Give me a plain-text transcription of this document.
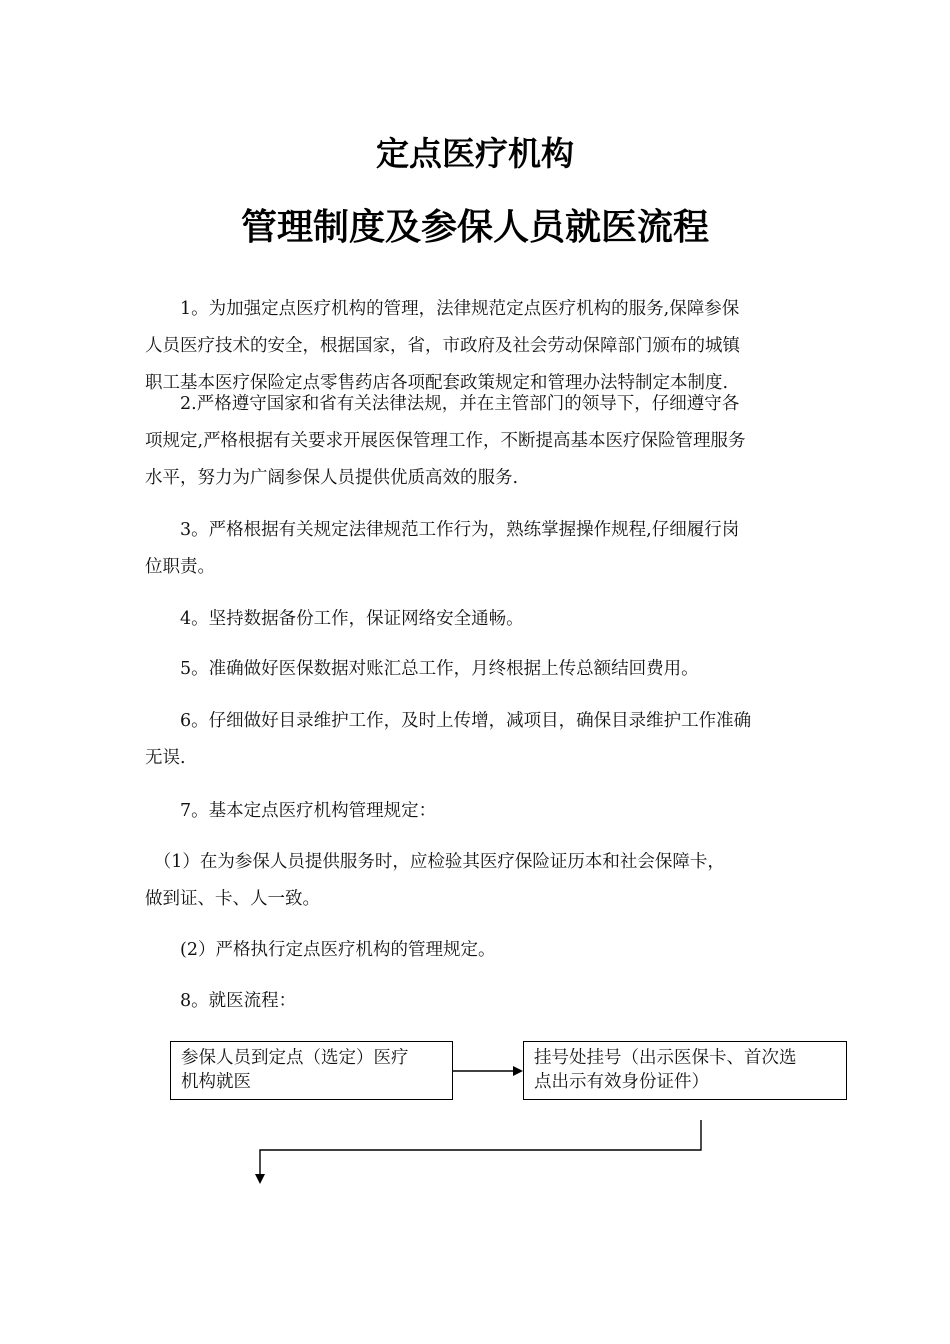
定点医疗机构
管理制度及参保人员就医流程
　　1。为加强定点医疗机构的管理，法律规范定点医疗机构的服务,保障参保
人员医疗技术的安全，根据国家，省，市政府及社会劳动保障部门颁布的城镇
职工基本医疗保险定点零售药店各项配套政策规定和管理办法特制定本制度.
　　2.严格遵守国家和省有关法律法规，并在主管部门的领导下，仔细遵守各
项规定,严格根据有关要求开展医保管理工作，不断提高基本医疗保险管理服务
水平，努力为广阔参保人员提供优质高效的服务.
　　3。严格根据有关规定法律规范工作行为，熟练掌握操作规程,仔细履行岗
位职责。
　　4。坚持数据备份工作，保证网络安全通畅。
　　5。准确做好医保数据对账汇总工作，月终根据上传总额结回费用。
　　6。仔细做好目录维护工作，及时上传增，减项目，确保目录维护工作准确
无误.
　　7。基本定点医疗机构管理规定：
　（1）在为参保人员提供服务时，应检验其医疗保险证历本和社会保障卡，
做到证、卡、人一致。
　　(2）严格执行定点医疗机构的管理规定。
　　8。就医流程：
参保人员到定点（选定）医疗
机构就医
挂号处挂号（出示医保卡、首次选
点出示有效身份证件）
